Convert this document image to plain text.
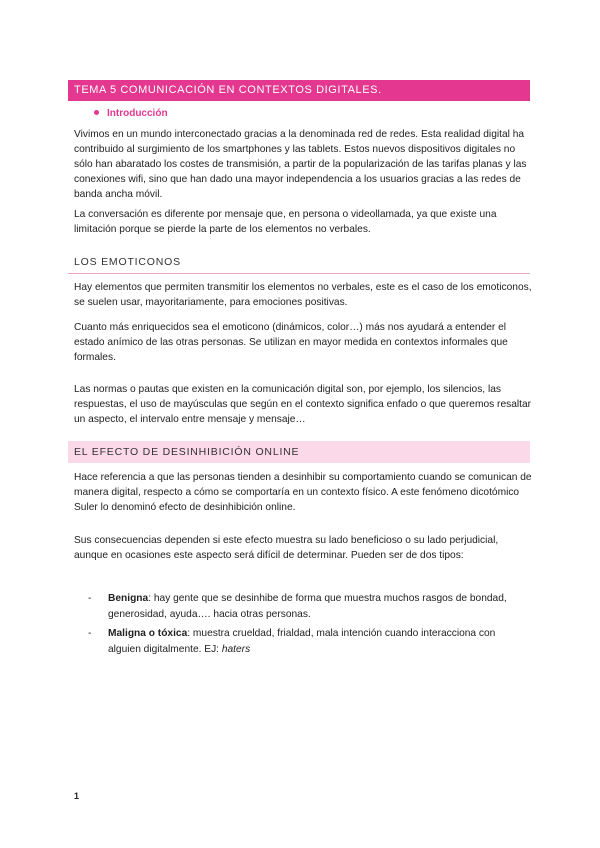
TEMA 5 COMUNICACIÓN EN CONTEXTOS DIGITALES.
Introducción

Vivimos en un mundo interconectado gracias a la denominada red de redes. Esta realidad digital ha contribuido al surgimiento de los smartphones y las tablets. Estos nuevos dispositivos digitales no sólo han abaratado los costes de transmisión, a partir de la popularización de las tarifas planas y las conexiones wifi, sino que han dado una mayor independencia a los usuarios gracias a las redes de banda ancha móvil.

La conversación es diferente por mensaje que, en persona o videollamada, ya que existe una limitación porque se pierde la parte de los elementos no verbales.

LOS EMOTICONOS

Hay elementos que permiten transmitir los elementos no verbales, este es el caso de los emoticonos, se suelen usar, mayoritariamente, para emociones positivas.

Cuanto más enriquecidos sea el emoticono (dinámicos, color…) más nos ayudará a entender el estado anímico de las otras personas. Se utilizan en mayor medida en contextos informales que formales.

Las normas o pautas que existen en la comunicación digital son, por ejemplo, los silencios, las respuestas, el uso de mayúsculas que según en el contexto significa enfado o que queremos resaltar un aspecto, el intervalo entre mensaje y mensaje…

EL EFECTO DE DESINHIBICIÓN ONLINE

Hace referencia a que las personas tienden a desinhibir su comportamiento cuando se comunican de manera digital, respecto a cómo se comportaría en un contexto físico. A este fenómeno dicotómico Suler lo denominó efecto de desinhibición online.

Sus consecuencias dependen si este efecto muestra su lado beneficioso o su lado perjudicial, aunque en ocasiones este aspecto será difícil de determinar. Pueden ser de dos tipos:

- Benigna: hay gente que se desinhibe de forma que muestra muchos rasgos de bondad, generosidad, ayuda…. hacia otras personas.
- Maligna o tóxica: muestra crueldad, frialdad, mala intención cuando interacciona con alguien digitalmente. EJ: haters
1
